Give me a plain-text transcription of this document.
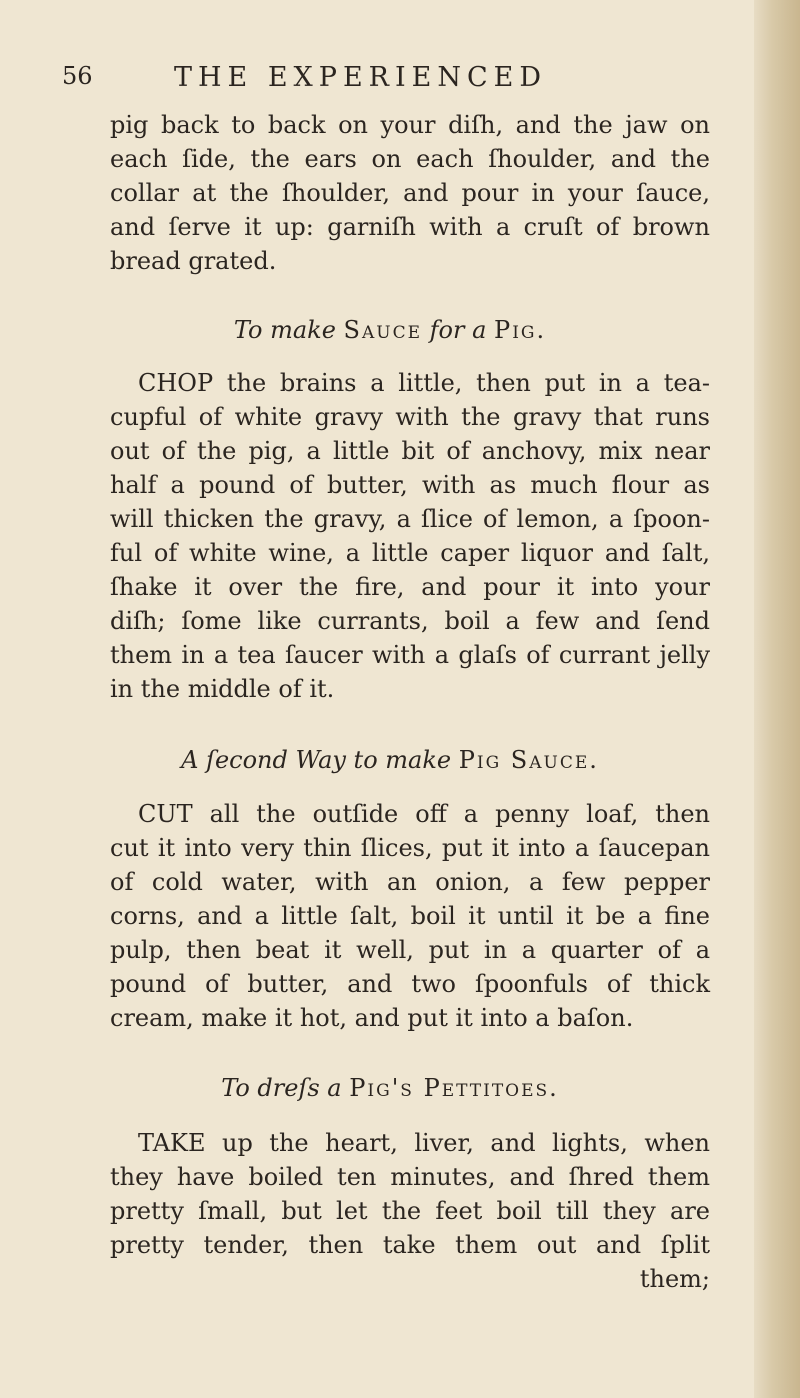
56	THE EXPERIENCED
pig back to back on your diſh, and the jaw on
each ſide, the ears on each ſhoulder, and the
collar at the ſhoulder, and pour in your ſauce,
and ſerve it up: garniſh with a cruſt of brown
bread grated.
To make Sauce for a Pig.
CHOP the brains a little, then put in a tea-
cupful of white gravy with the gravy that runs
out of the pig, a little bit of anchovy, mix near
half a pound of butter, with as much flour as
will thicken the gravy, a ſlice of lemon, a ſpoon-
ful of white wine, a little caper liquor and ſalt,
ſhake it over the fire, and pour it into your
diſh; ſome like currants, boil a few and ſend
them in a tea ſaucer with a glaſs of currant jelly
in the middle of it.
A ſecond Way to make Pig Sauce.
CUT all the outſide off a penny loaf, then
cut it into very thin ſlices, put it into a ſaucepan
of cold water, with an onion, a few pepper
corns, and a little ſalt, boil it until it be a fine
pulp, then beat it well, put in a quarter of a
pound of butter, and two ſpoonfuls of thick
cream, make it hot, and put it into a baſon.
To dreſs a Pig's Pettitoes.
TAKE up the heart, liver, and lights, when
they have boiled ten minutes, and ſhred them
pretty ſmall, but let the feet boil till they are
pretty tender, then take them out and ſplit
them;
